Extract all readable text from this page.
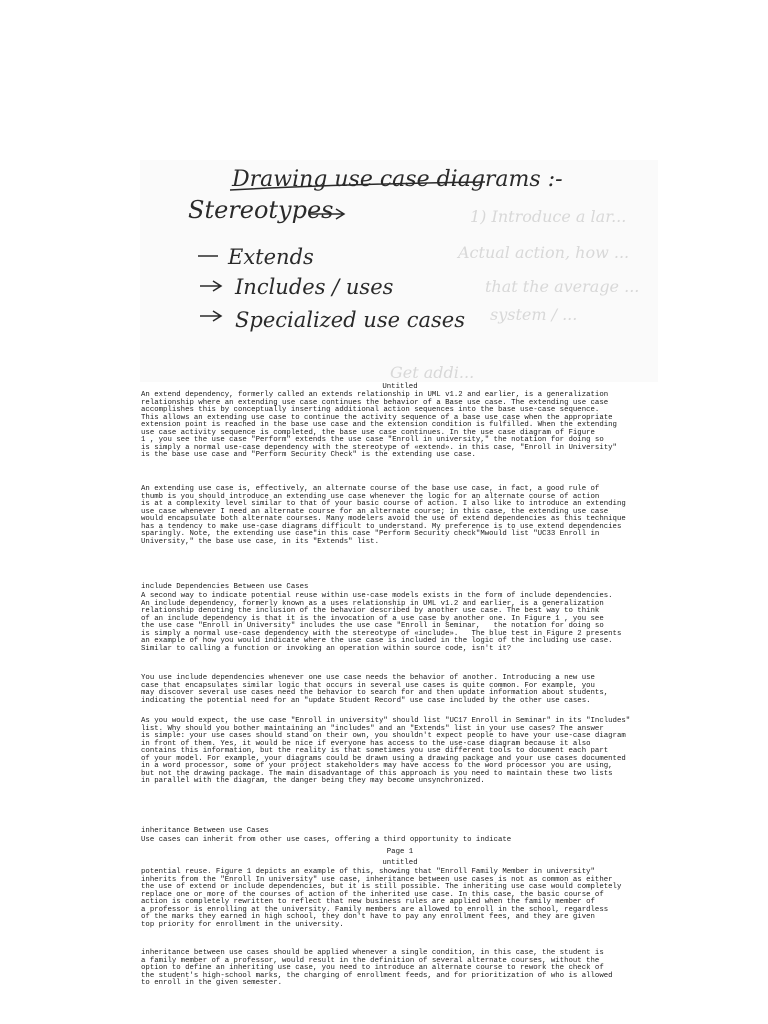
1) Introduce a lar...
Actual action, how ...
that the average ...
system / ...
Get addi...
Drawing use case diagrams :-
Stereotypes
Extends
Includes / uses
Specialized use cases
Untitled

An extend dependency, formerly called an extends relationship in UML v1.2 and earlier, is a generalization
relationship where an extending use case continues the behavior of a Base use case. The extending use case
accomplishes this by conceptually inserting additional action sequences into the base use-case sequence.
This allows an extending use case to continue the activity sequence of a base use case when the appropriate
extension point is reached in the base use case and the extension condition is fulfilled. When the extending
use case activity sequence is completed, the base use case continues. In the use case diagram of Figure
1 , you see the use case "Perform" extends the use case "Enroll in university," the notation for doing so
is simply a normal use-case dependency with the stereotype of «extend». in this case, "Enroll in University"
is the base use case and "Perform Security Check" is the extending use case.

An extending use case is, effectively, an alternate course of the base use case, in fact, a good rule of
thumb is you should introduce an extending use case whenever the logic for an alternate course of action
is at a complexity level similar to that of your basic course of action. I also like to introduce an extending
use case whenever I need an alternate course for an alternate course; in this case, the extending use case
would encapsulate both alternate courses. Many modelers avoid the use of extend dependencies as this technique
has a tendency to make use-case diagrams difficult to understand. My preference is to use extend dependencies
sparingly. Note, the extending use case"in this case "Perform Security check"Mwould list "UC33 Enroll in
University," the base use case, in its "Extends" list.

include Dependencies Between use Cases

A second way to indicate potential reuse within use-case models exists in the form of include dependencies.
An include dependency, formerly known as a uses relationship in UML v1.2 and earlier, is a generalization
relationship denoting the inclusion of the behavior described by another use case. The best way to think
of an include dependency is that it is the invocation of a use case by another one. In Figure 1 , you see
the use case "Enroll in University" includes the use case "Enroll in Seminar,   the notation for doing so
is simply a normal use-case dependency with the stereotype of «include».   The blue test in Figure 2 presents
an example of how you would indicate where the use case is included in the logic of the including use case.
Similar to calling a function or invoking an operation within source code, isn't it?

You use include dependencies whenever one use case needs the behavior of another. Introducing a new use
case that encapsulates similar logic that occurs in several use cases is quite common. For example, you
may discover several use cases need the behavior to search for and then update information about students,
indicating the potential need for an "update Student Record" use case included by the other use cases.

As you would expect, the use case "Enroll in university" should list "UC17 Enroll in Seminar" in its "Includes"
list. Why should you bother maintaining an "includes" and an "Extends" list in your use cases? The answer
is simple: your use cases should stand on their own, you shouldn't expect people to have your use-case diagram
in front of them. Yes, it would be nice if everyone has access to the use-case diagram because it also
contains this information, but the reality is that sometimes you use different tools to document each part
of your model. For example, your diagrams could be drawn using a drawing package and your use cases documented
in a word processor, some of your project stakeholders may have access to the word processor you are using,
but not the drawing package. The main disadvantage of this approach is you need to maintain these two lists
in parallel with the diagram, the danger being they may become unsynchronized.

inheritance Between use Cases
Use cases can inherit from other use cases, offering a third opportunity to indicate
Page 1
untitled

potential reuse. Figure 1 depicts an example of this, showing that "Enroll Family Member in university"
inherits from the "Enroll In university" use case, inheritance between use cases is not as common as either
the use of extend or include dependencies, but it is still possible. The inheriting use case would completely
replace one or more of the courses of action of the inherited use case. In this case, the basic course of
action is completely rewritten to reflect that new business rules are applied when the family member of
a professor is enrolling at the university. Family members are allowed to enroll in the school, regardless
of the marks they earned in high school, they don't have to pay any enrollment fees, and they are given
top priority for enrollment in the university.

inheritance between use cases should be applied whenever a single condition, in this case, the student is
a family member of a professor, would result in the definition of several alternate courses, without the
option to define an inheriting use case, you need to introduce an alternate course to rework the check of
the student's high-school marks, the charging of enrollment feeds, and for prioritization of who is allowed
to enroll in the given semester.
